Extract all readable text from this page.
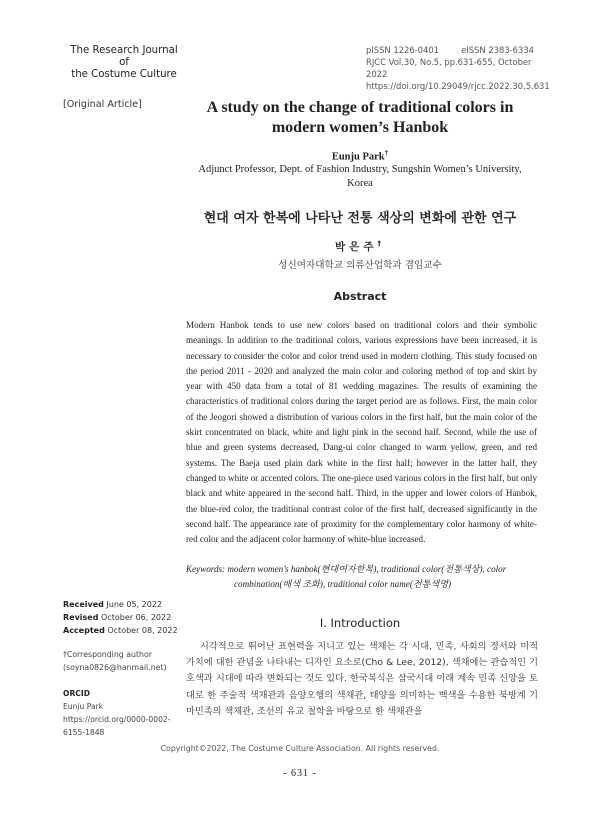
The Research Journal of
the Costume Culture
pISSN 1226-0401	eISSN 2383-6334
RJCC Vol.30, No.5, pp.631-655, October 2022
https://doi.org/10.29049/rjcc.2022.30.5.631
[Original Article]	A study on the change of traditional colors in modern women’s Hanbok
Eunju Park†
Adjunct Professor, Dept. of Fashion Industry, Sungshin Women’s University, Korea
현대 여자 한복에 나타난 전통 색상의 변화에 관한 연구
박은주†
성신여자대학교 의류산업학과 겸임교수
Abstract
Modern Hanbok tends to use new colors based on traditional colors and their symbolic meanings. In addition to the traditional colors, various expressions have been increased, it is necessary to consider the color and color trend used in modern clothing. This study focused on the period 2011 - 2020 and analyzed the main color and coloring method of top and skirt by year with 450 data from a total of 81 wedding magazines. The results of examining the characteristics of traditional colors during the target period are as follows. First, the main color of the Jeogori showed a distribution of various colors in the first half, but the main color of the skirt concentrated on black, white and light pink in the second half. Second, while the use of blue and green systems decreased, Dang-ui color changed to warm yellow, green, and red systems. The Baeja used plain dark white in the first half; however in the latter half, they changed to white or accented colors. The one-piece used various colors in the first half, but only black and white appeared in the second half. Third, in the upper and lower colors of Hanbok, the blue-red color, the traditional contrast color of the first half, decreased significantly in the second half. The appearance rate of proximity for the complementary color harmony of white-red color and the adjacent color harmony of white-blue increased.
Keywords: modern women’s hanbok(현대여자한복), traditional color(전통색상), color
combination(배색 조화), traditional color name(전통색명)
Received June 05, 2022
Revised October 06, 2022
Accepted October 08, 2022
†Corresponding author
(soyna0826@hanmail.net)
ORCID
Eunju Park
https://orcid.org/0000-0002-6155-1848
I. Introduction
시각적으로 뛰어난 표현력을 지니고 있는 색채는 각 시대, 민족, 사회의 정서와 미적 가치에 대한 관념을 나타내는 디자인 요소로(Cho & Lee, 2012), 색채에는 관습적인 기호색과 시대에 따라 변화되는 것도 있다. 한국복식은 삼국시대 이래 계속 민족 신앙을 토대로 한 주술적 색채관과 음양오행의 색채관, 태양을 의미하는 백색을 수용한 북방계 기마민족의 색채관, 조선의 유교 철학을 바탕으로 한 색채관을
Copyright©2022, The Costume Culture Association. All rights reserved.
- 631 -
